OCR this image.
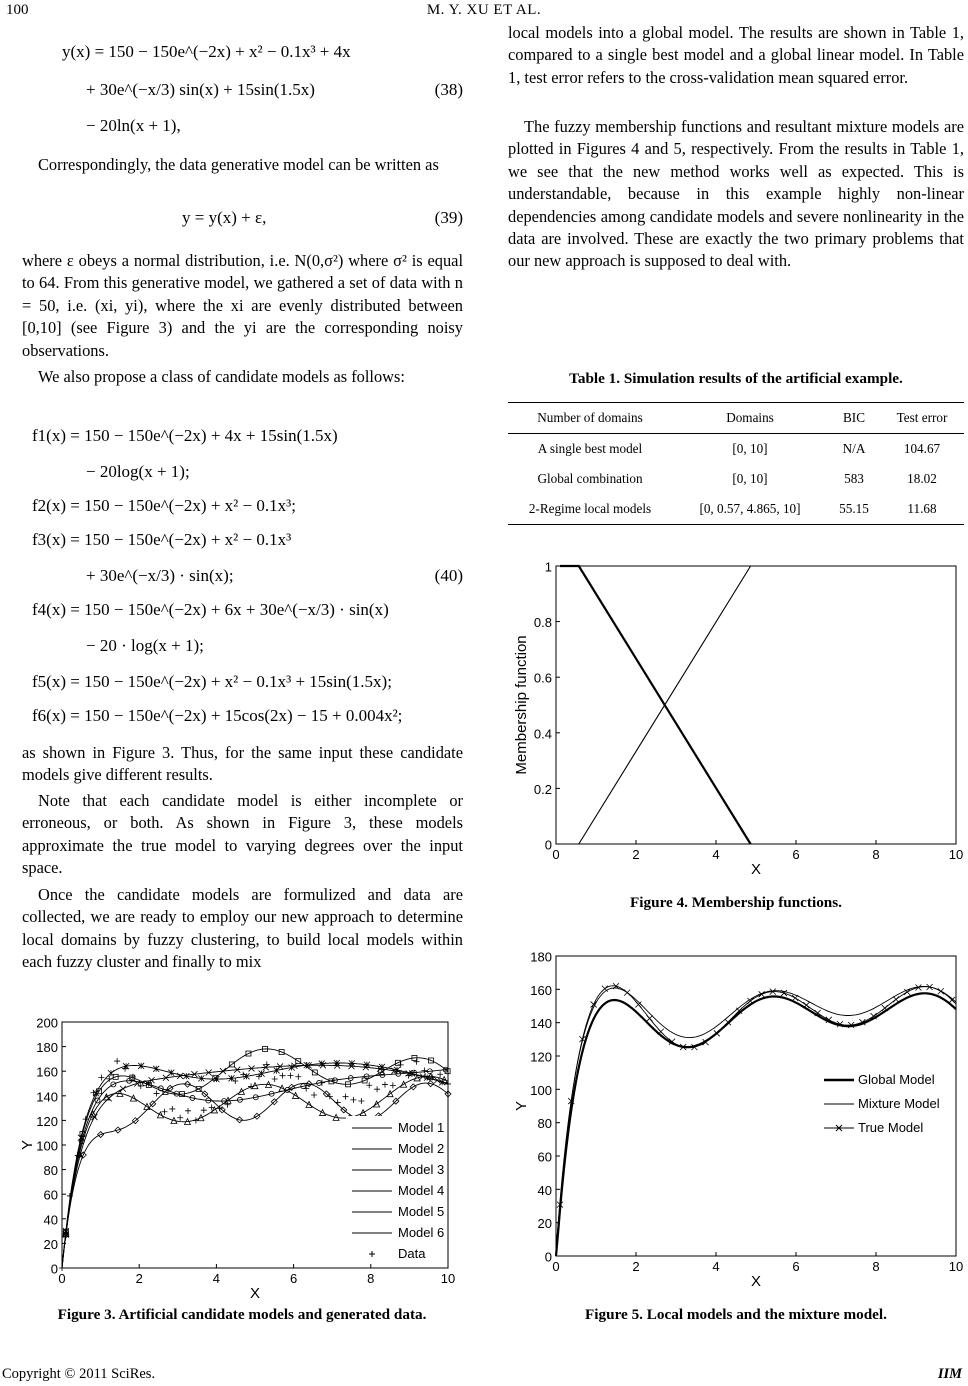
100	M. Y. XU ET AL.
y(x) = 150 − 150e^(−2x) + x² − 0.1x³ + 4x
+ 30e^(−x/3) sin(x) + 15sin(1.5x)	(38)
− 20ln(x + 1),

Correspondingly, the data generative model can be written as

y = y(x) + ε,	(39)

where ε obeys a normal distribution, i.e. N(0,σ²) where σ² is equal to 64. From this generative model, we gathered a set of data with n = 50, i.e. (xi, yi), where the xi are evenly distributed between [0,10] (see Figure 3) and the yi are the corresponding noisy observations.

We also propose a class of candidate models as follows:

f1(x) = 150 − 150e^(−2x) + 4x + 15sin(1.5x)
− 20log(x + 1);
f2(x) = 150 − 150e^(−2x) + x² − 0.1x³;
f3(x) = 150 − 150e^(−2x) + x² − 0.1x³
+ 30e^(−x/3) · sin(x);	(40)
f4(x) = 150 − 150e^(−2x) + 6x + 30e^(−x/3) · sin(x)
− 20 · log(x + 1);
f5(x) = 150 − 150e^(−2x) + x² − 0.1x³ + 15sin(1.5x);
f6(x) = 150 − 150e^(−2x) + 15cos(2x) − 15 + 0.004x²;

as shown in Figure 3. Thus, for the same input these candidate models give different results.

Note that each candidate model is either incomplete or erroneous, or both. As shown in Figure 3, these models approximate the true model to varying degrees over the input space.

Once the candidate models are formulized and data are collected, we are ready to employ our new approach to determine local domains by fuzzy clustering, to build local models within each fuzzy cluster and finally to mix

0	2	4	6	8	10
0
20
40
60
80
100
120
140
160
180
200
X
Y
Model 1
Model 2
Model 3
Model 4
Model 5
Model 6
Data
Figure 3. Artificial candidate models and generated data.

local models into a global model. The results are shown in Table 1, compared to a single best model and a global linear model. In Table 1, test error refers to the cross-validation mean squared error.

The fuzzy membership functions and resultant mixture models are plotted in Figures 4 and 5, respectively. From the results in Table 1, we see that the new method works well as expected. This is understandable, because in this example highly non-linear dependencies among candidate models and severe nonlinearity in the data are involved. These are exactly the two primary problems that our new approach is supposed to deal with.

Table 1. Simulation results of the artificial example.
Number of domains	Domains	BIC	Test error
A single best model	[0, 10]	N/A	104.67
Global combination	[0, 10]	583	18.02
2-Regime local models	[0, 0.57, 4.865, 10]	55.15	11.68
0	2	4	6	8	10
0
0.2
0.4
0.6
0.8
1
X
Membership function
Figure 4. Membership functions.
0	2	4	6	8	10
0
20
40
60
80
100
120
140
160
180
X
Y
Global Model
Mixture Model
True Model
Figure 5. Local models and the mixture model.
Copyright © 2011 SciRes.	IIM
